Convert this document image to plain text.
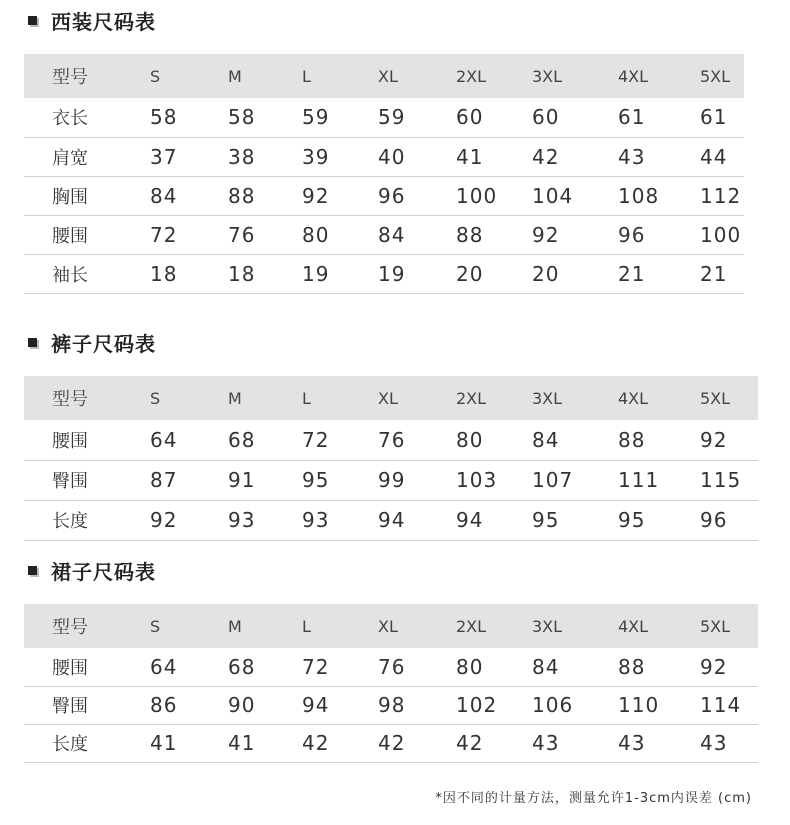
西装尺码表
型号	S	M	L	XL	2XL	3XL	4XL	5XL
衣长	58	58	59	59	60	60	61	61
肩宽	37	38	39	40	41	42	43	44
胸围	84	88	92	96	100	104	108	112
腰围	72	76	80	84	88	92	96	100
袖长	18	18	19	19	20	20	21	21
裤子尺码表
型号	S	M	L	XL	2XL	3XL	4XL	5XL
腰围	64	68	72	76	80	84	88	92
臀围	87	91	95	99	103	107	111	115
长度	92	93	93	94	94	95	95	96
裙子尺码表
型号	S	M	L	XL	2XL	3XL	4XL	5XL
腰围	64	68	72	76	80	84	88	92
臀围	86	90	94	98	102	106	110	114
长度	41	41	42	42	42	43	43	43
*因不同的计量方法，测量允许1-3cm内误差 (cm)
